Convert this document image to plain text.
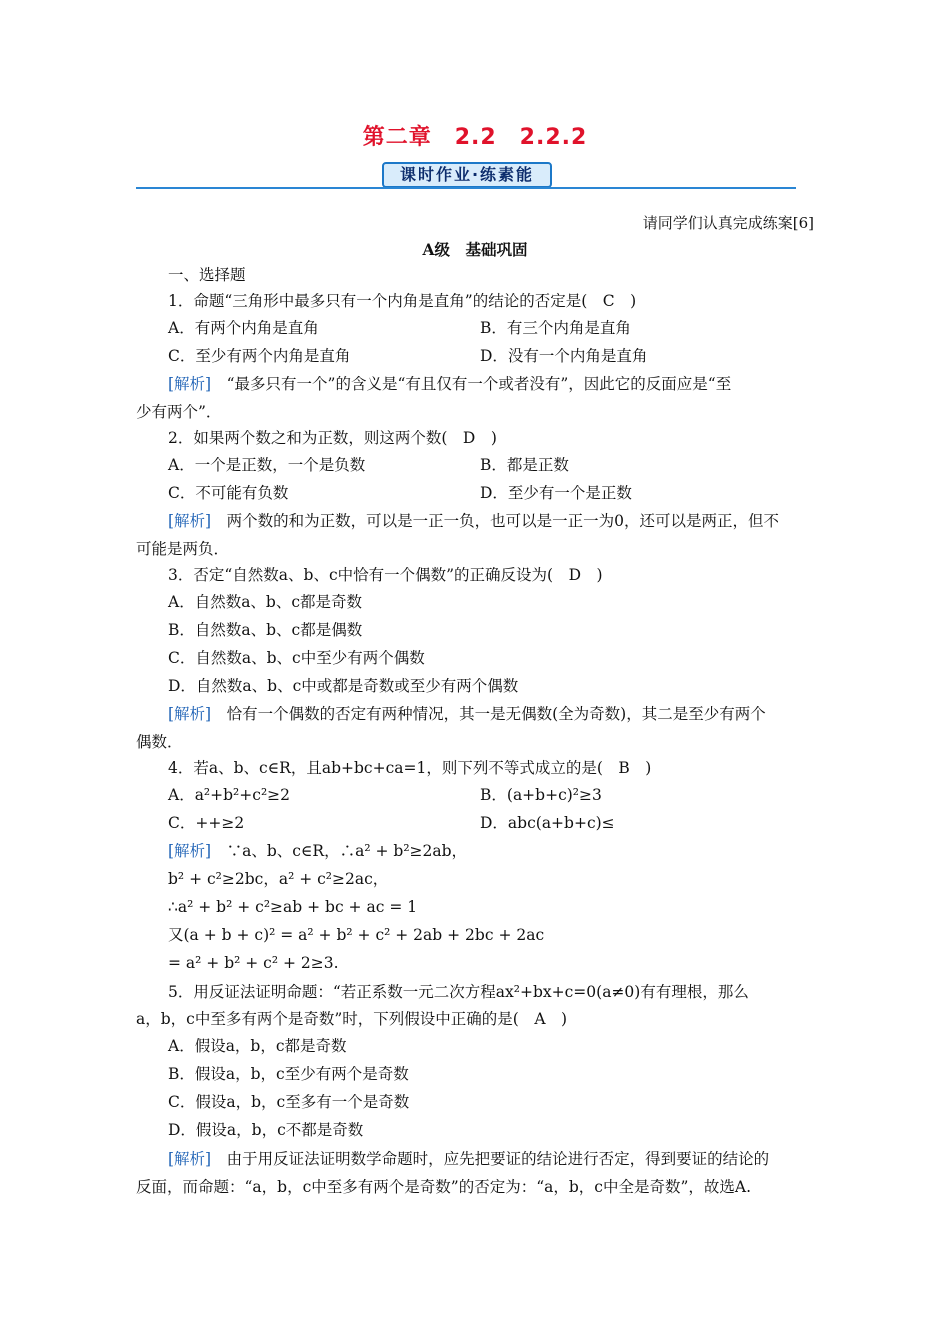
第二章　2.2　2.2.2
课时作业·练素能
请同学们认真完成练案[6]
A级　基础巩固
一、选择题
1．命题“三角形中最多只有一个内角是直角”的结论的否定是(　C　)
A．有两个内角是直角	B．有三个内角是直角
C．至少有两个内角是直角	D．没有一个内角是直角
[解析]　“最多只有一个”的含义是“有且仅有一个或者没有”，因此它的反面应是“至
少有两个”．
2．如果两个数之和为正数，则这两个数(　D　)
A．一个是正数，一个是负数	B．都是正数
C．不可能有负数	D．至少有一个是正数
[解析]　两个数的和为正数，可以是一正一负，也可以是一正一为0，还可以是两正，但不
可能是两负．
3．否定“自然数a、b、c中恰有一个偶数”的正确反设为(　D　)
A．自然数a、b、c都是奇数
B．自然数a、b、c都是偶数
C．自然数a、b、c中至少有两个偶数
D．自然数a、b、c中或都是奇数或至少有两个偶数
[解析]　恰有一个偶数的否定有两种情况，其一是无偶数(全为奇数)，其二是至少有两个
偶数．
4．若a、b、c∈R，且ab+bc+ca=1，则下列不等式成立的是(　B　)
A．a²+b²+c²≥2	B．(a+b+c)²≥3
C．++≥2	D．abc(a+b+c)≤
[解析]　∵a、b、c∈R，∴a² + b²≥2ab，
b² + c²≥2bc，a² + c²≥2ac，
∴a² + b² + c²≥ab + bc + ac = 1
又(a + b + c)² = a² + b² + c² + 2ab + 2bc + 2ac
= a² + b² + c² + 2≥3.
5．用反证法证明命题：“若正系数一元二次方程ax²+bx+c=0(a≠0)有有理根，那么
a，b，c中至多有两个是奇数”时，下列假设中正确的是(　A　)
A．假设a，b，c都是奇数
B．假设a，b，c至少有两个是奇数
C．假设a，b，c至多有一个是奇数
D．假设a，b，c不都是奇数
[解析]　由于用反证法证明数学命题时，应先把要证的结论进行否定，得到要证的结论的
反面，而命题：“a，b，c中至多有两个是奇数”的否定为：“a，b，c中全是奇数”，故选A.
